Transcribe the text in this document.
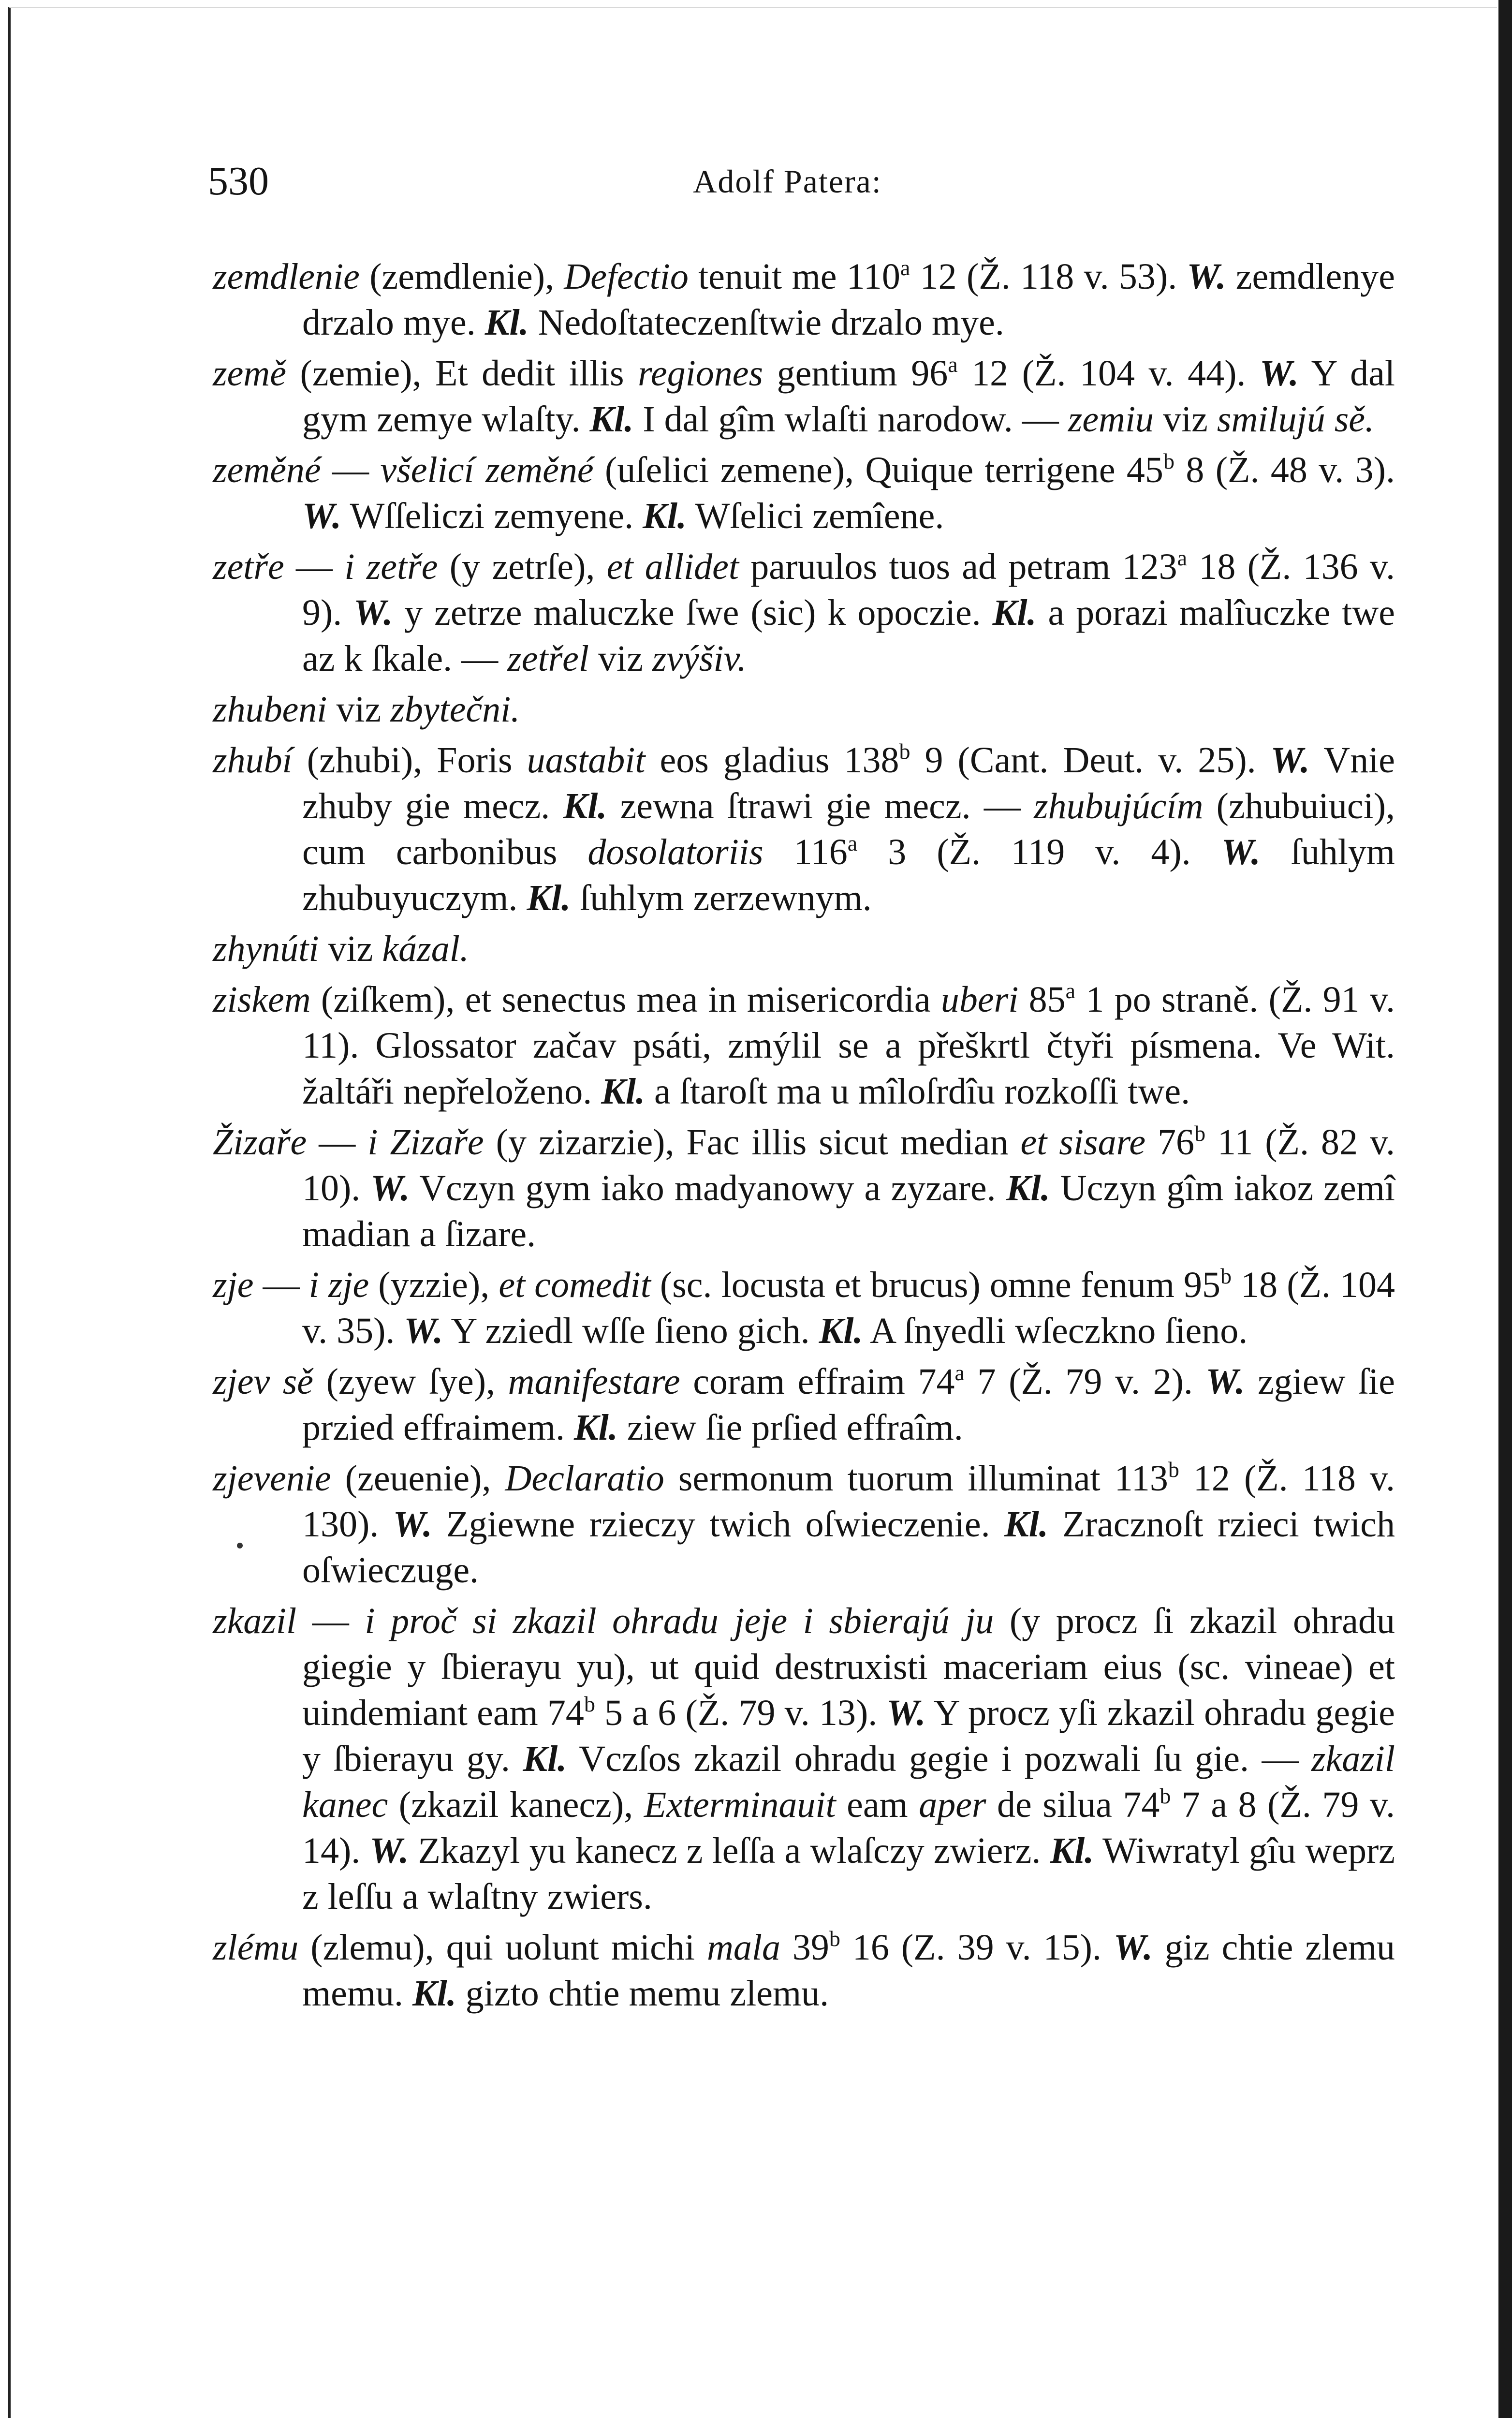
530	Adolf Patera:

zemdlenie (zemdlenie), Defectio tenuit me 110$^a$ 12 (Ž. 118 v. 53). W. zemdlenye drzalo mye. Kl. Nedoſtateczenſtwie drzalo mye.

země (zemie), Et dedit illis regiones gentium 96$^a$ 12 (Ž. 104 v. 44). W. Y dal gym zemye wlaſty. Kl. I dal gîm wlaſti narodow. — zemiu viz smilujú sě.

zeměné — všelicí zeměné (uſelici zemene), Quique terrigene 45$^b$ 8 (Ž. 48 v. 3). W. Wſſeliczi zemyene. Kl. Wſelici zemîene.

zetře — i zetře (y zetrſe), et allidet paruulos tuos ad petram 123$^a$ 18 (Ž. 136 v. 9). W. y zetrze maluczke ſwe (sic) k opoczie. Kl. a porazi malîuczke twe az k ſkale. — zetřel viz zvýšiv.

zhubeni viz zbytečni.

zhubí (zhubi), Foris uastabit eos gladius 138$^b$ 9 (Cant. Deut. v. 25). W. Vnie zhuby gie mecz. Kl. zewna ſtrawi gie mecz. — zhubujúcím (zhubuiuci), cum carbonibus dosolatoriis 116$^a$ 3 (Ž. 119 v. 4). W. ſuhlym zhubuyuczym. Kl. ſuhlym zerzewnym.

zhynúti viz kázal.

ziskem (ziſkem), et senectus mea in misericordia uberi 85$^a$ 1 po straně. (Ž. 91 v. 11). Glossator začav psáti, zmýlil se a přeškrtl čtyři písmena. Ve Wit. žaltáři nepřeloženo. Kl. a ſtaroſt ma u mîloſrdîu rozkoſſi twe.

Žizaře — i Zizaře (y zizarzie), Fac illis sicut median et sisare 76$^b$ 11 (Ž. 82 v. 10). W. Vczyn gym iako madyanowy a zyzare. Kl. Uczyn gîm iakoz zemî madian a ſizare.

zje — i zje (yzzie), et comedit (sc. locusta et brucus) omne fenum 95$^b$ 18 (Ž. 104 v. 35). W. Y zziedl wſſe ſieno gich. Kl. A ſnyedli wſeczkno ſieno.

zjev sě (zyew ſye), manifestare coram effraim 74$^a$ 7 (Ž. 79 v. 2). W. zgiew ſie przied effraimem. Kl. ziew ſie prſied effraîm.

zjevenie (zeuenie), Declaratio sermonum tuorum illuminat 113$^b$ 12 (Ž. 118 v. 130). W. Zgiewne rzieczy twich oſwieczenie. Kl. Zracznoſt rzieci twich oſwieczuge.

zkazil — i proč si zkazil ohradu jeje i sbierajú ju (y procz ſi zkazil ohradu giegie y ſbierayu yu), ut quid destruxisti maceriam eius (sc. vineae) et uindemiant eam 74$^b$ 5 a 6 (Ž. 79 v. 13). W. Y procz yſi zkazil ohradu gegie y ſbierayu gy. Kl. Vczſos zkazil ohradu gegie i pozwali ſu gie. — zkazil kanec (zkazil kanecz), Exterminauit eam aper de silua 74$^b$ 7 a 8 (Ž. 79 v. 14). W. Zkazyl yu kanecz z leſſa a wlaſczy zwierz. Kl. Wiwratyl gîu weprz z leſſu a wlaſtny zwiers.

zlému (zlemu), qui uolunt michi mala 39$^b$ 16 (Z. 39 v. 15). W. giz chtie zlemu memu. Kl. gizto chtie memu zlemu.
